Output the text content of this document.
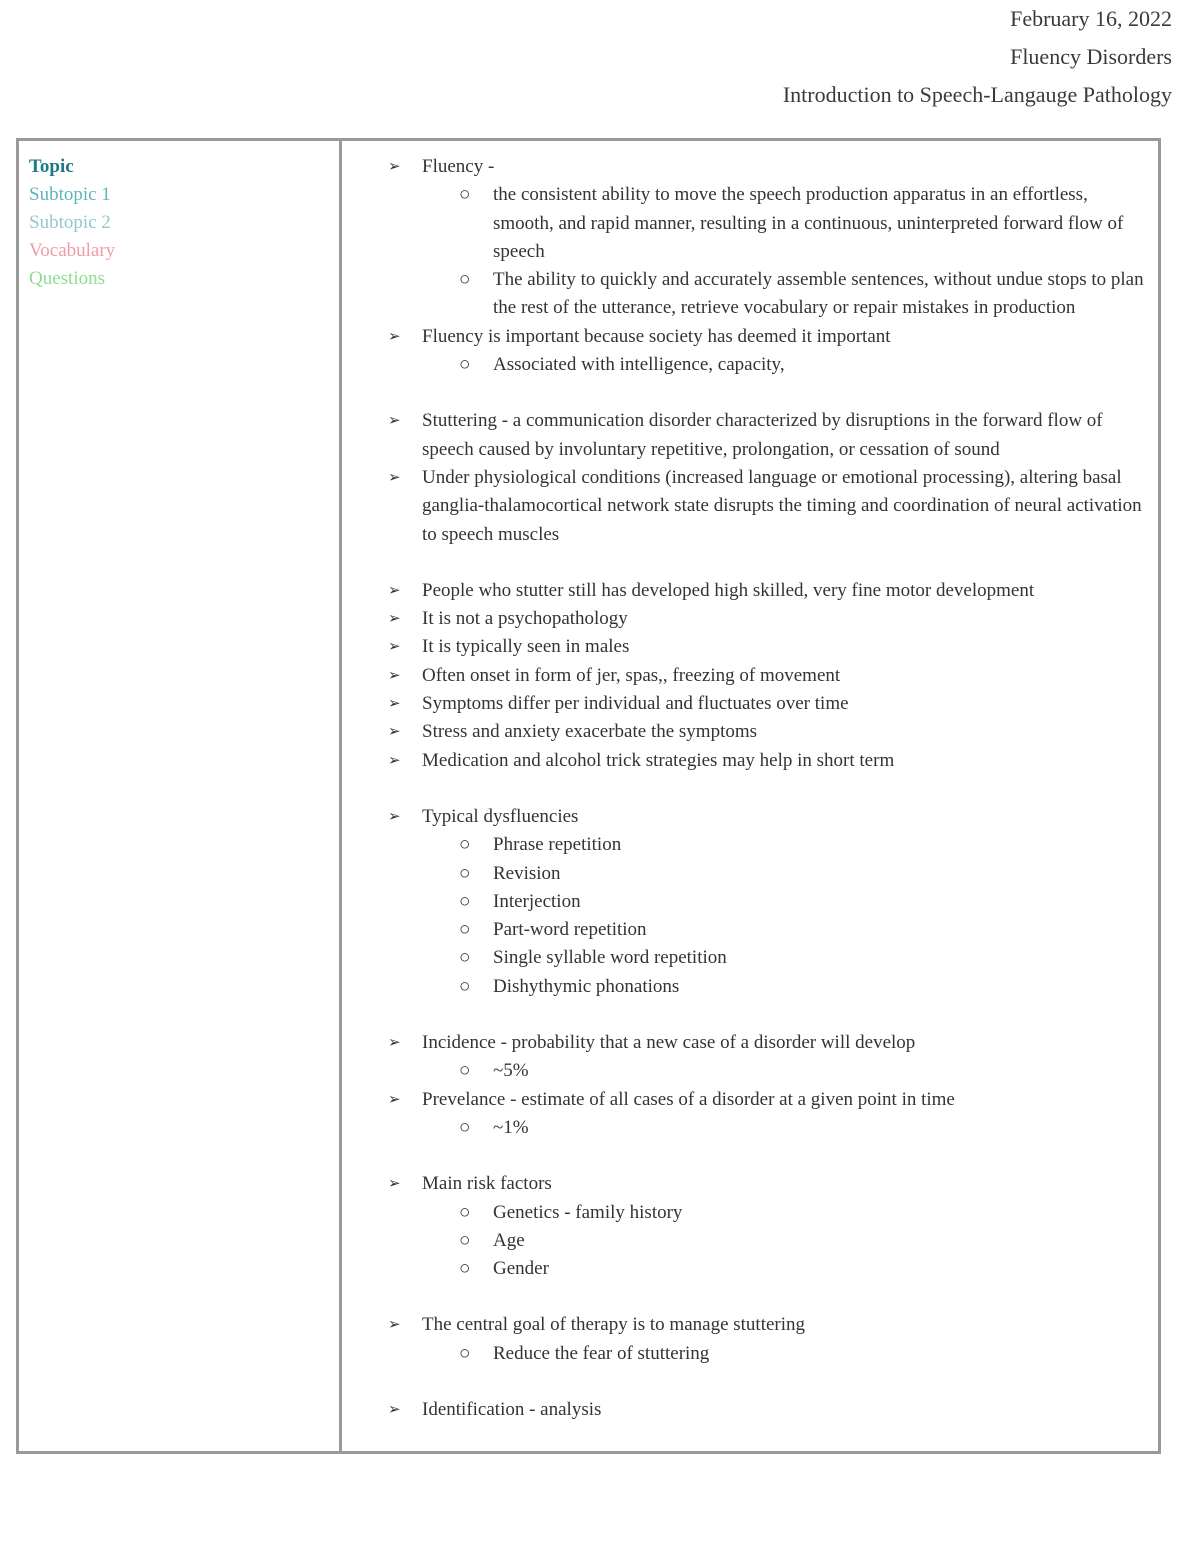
February 16, 2022
Fluency Disorders
Introduction to Speech-Langauge Pathology
Topic
Subtopic 1
Subtopic 2
Vocabulary
Questions
➢ Fluency -
○ the consistent ability to move the speech production apparatus in an effortless, smooth, and rapid manner, resulting in a continuous, uninterpreted forward flow of speech
○ The ability to quickly and accurately assemble sentences, without undue stops to plan the rest of the utterance, retrieve vocabulary or repair mistakes in production
➢ Fluency is important because society has deemed it important
○ Associated with intelligence, capacity,
➢ Stuttering - a communication disorder characterized by disruptions in the forward flow of speech caused by involuntary repetitive, prolongation, or cessation of sound
➢ Under physiological conditions (increased language or emotional processing), altering basal ganglia-thalamocortical network state disrupts the timing and coordination of neural activation to speech muscles
➢ People who stutter still has developed high skilled, very fine motor development
➢ It is not a psychopathology
➢ It is typically seen in males
➢ Often onset in form of jer, spas,, freezing of movement
➢ Symptoms differ per individual and fluctuates over time
➢ Stress and anxiety exacerbate the symptoms
➢ Medication and alcohol trick strategies may help in short term
➢ Typical dysfluencies
○ Phrase repetition
○ Revision
○ Interjection
○ Part-word repetition
○ Single syllable word repetition
○ Dishythymic phonations
➢ Incidence - probability that a new case of a disorder will develop
○ ~5%
➢ Prevelance - estimate of all cases of a disorder at a given point in time
○ ~1%
➢ Main risk factors
○ Genetics - family history
○ Age
○ Gender
➢ The central goal of therapy is to manage stuttering
○ Reduce the fear of stuttering
➢ Identification - analysis
